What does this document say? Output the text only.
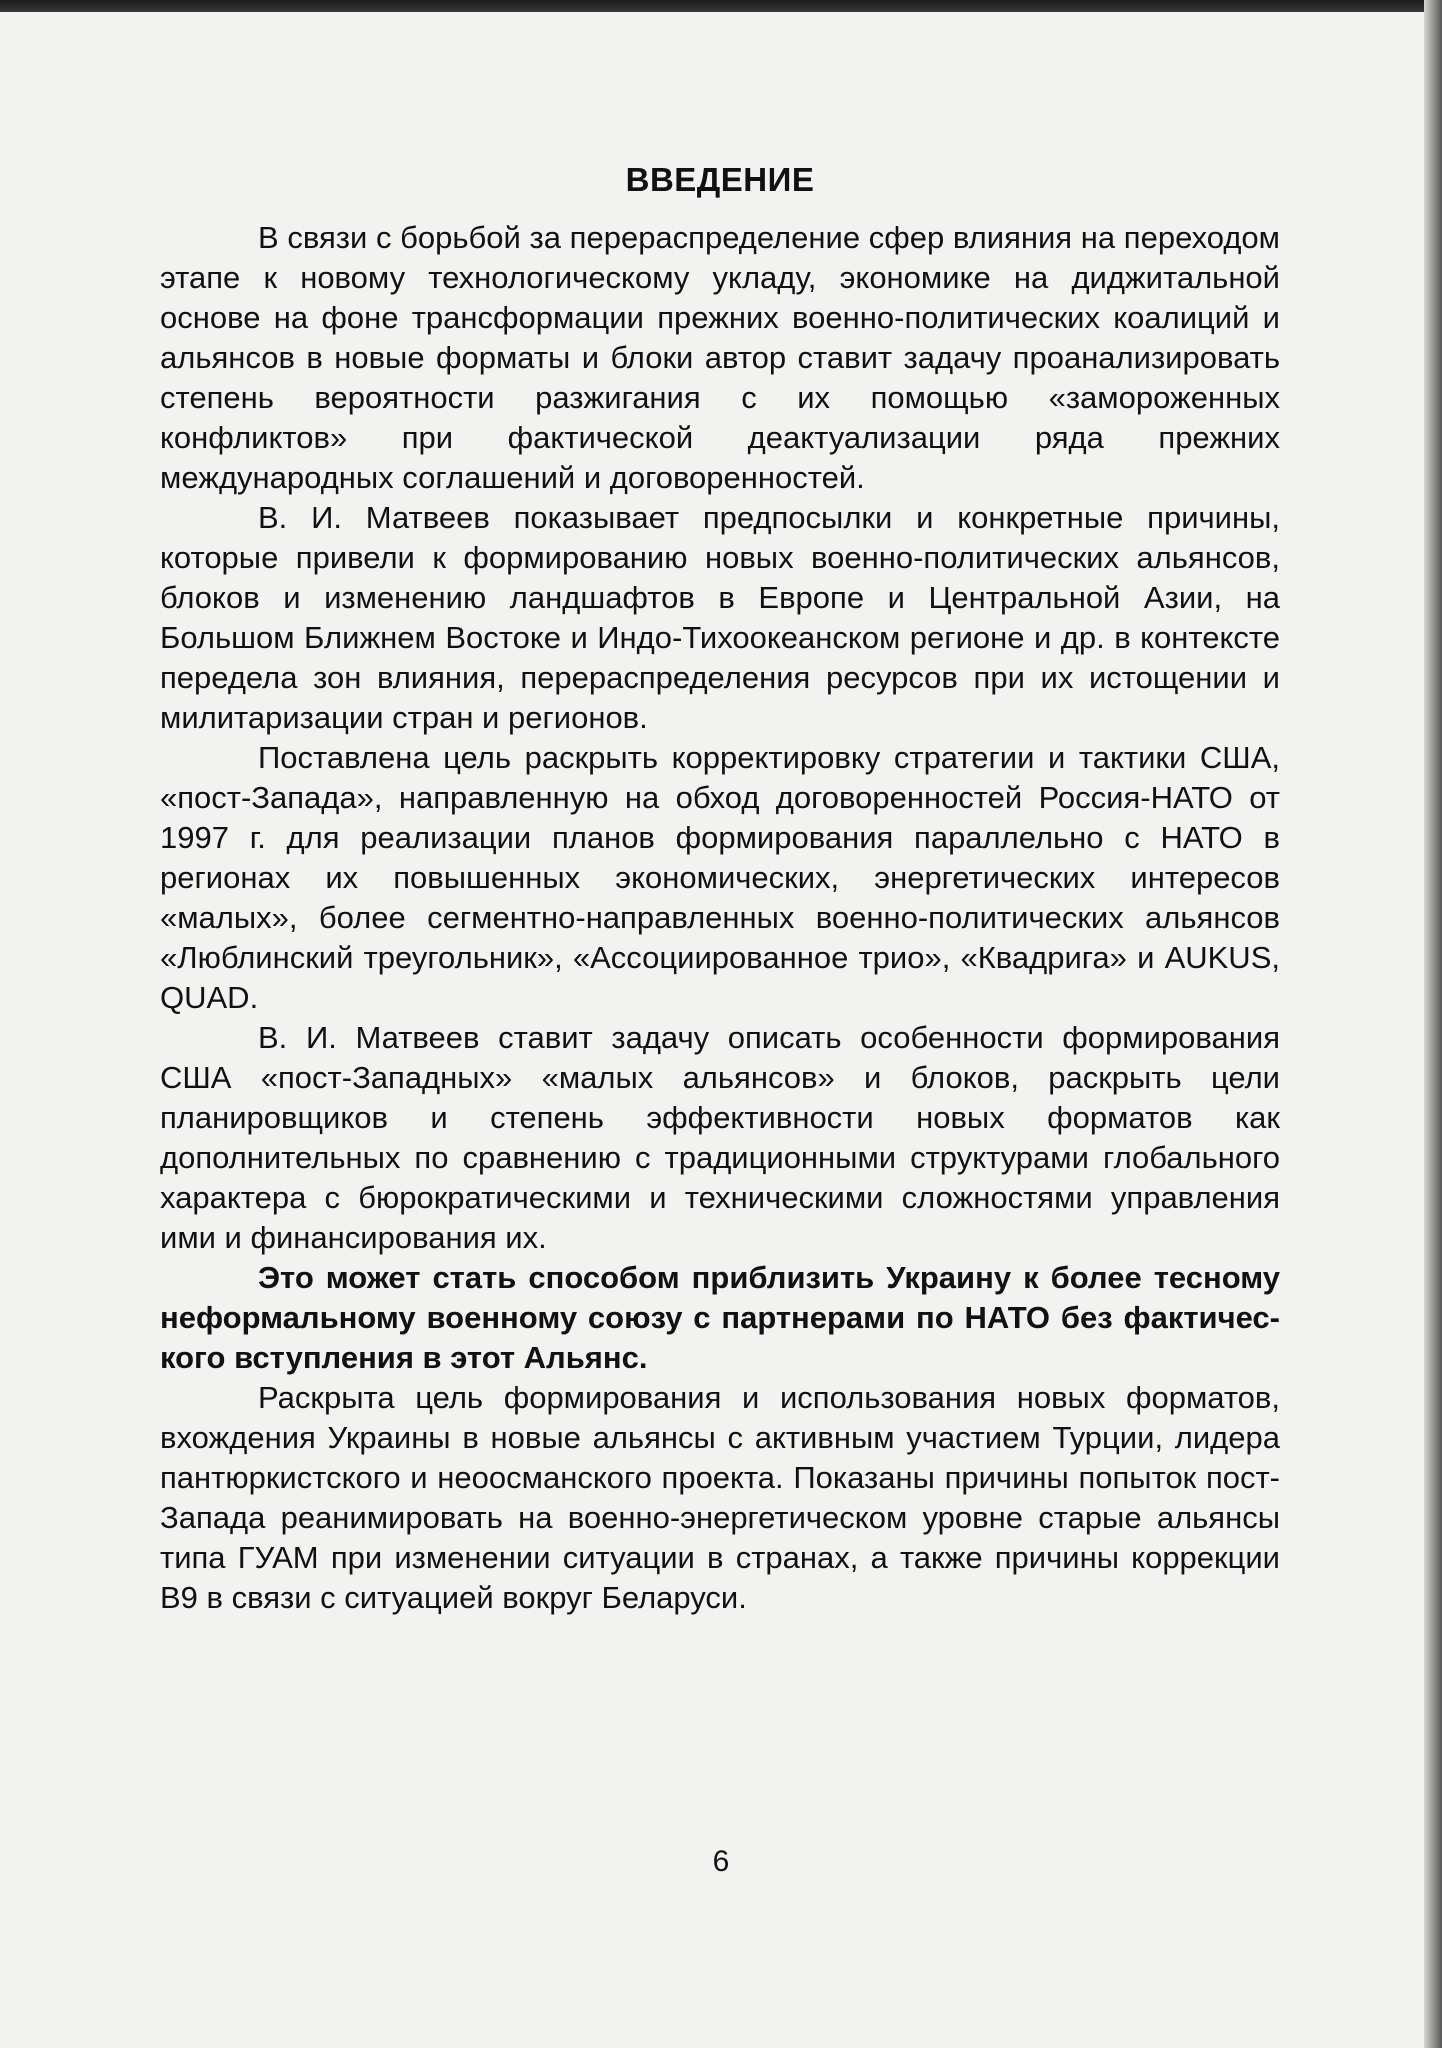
ВВЕДЕНИЕ

В связи с борьбой за перераспределение сфер влияния на переходом этапе к новому технологическому укладу, экономике на диджитальной основе на фоне трансформации прежних военно-политических коалиций и альянсов в новые форматы и блоки автор ставит задачу проанализировать степень вероятности разжигания с их помощью «замороженных конфликтов» при фактической деактуализации ряда прежних международных соглашений и договоренностей.

В. И. Матвеев показывает предпосылки и конкретные причины, которые привели к формированию новых военно-политических альянсов, блоков и изменению ландшафтов в Европе и Центральной Азии, на Большом Ближнем Востоке и Индо-Тихоокеанском регионе и др. в контексте передела зон влияния, перераспределения ресурсов при их истощении и милитаризации стран и регионов.

Поставлена цель раскрыть корректировку стратегии и тактики США, «пост-Запада», направленную на обход договоренностей Россия-НАТО от 1997 г. для реализации планов формирования параллельно с НАТО в регионах их повышенных экономических, энергетических интересов «малых», более сегментно-направленных военно-политических альянсов «Люблинский треугольник», «Ассоциированное трио», «Квадрига» и AUKUS, QUAD.

В. И. Матвеев ставит задачу описать особенности формирования США «пост-Западных» «малых альянсов» и блоков, раскрыть цели планировщиков и степень эффективности новых форматов как дополнительных по сравнению с традиционными структурами глобального характера с бюрократическими и техническими сложностями управления ими и финансирования их.

Это может стать способом приблизить Украину к более тесному неформальному военному союзу с партнерами по НАТО без фактичес-кого вступления в этот Альянс.

Раскрыта цель формирования и использования новых форматов, вхождения Украины в новые альянсы с активным участием Турции, лидера пантюркистского и неоосманского проекта. Показаны причины попыток пост-Запада реанимировать на военно-энергетическом уровне старые альянсы типа ГУАМ при изменении ситуации в странах, а также причины коррекции В9 в связи с ситуацией вокруг Беларуси.

6
